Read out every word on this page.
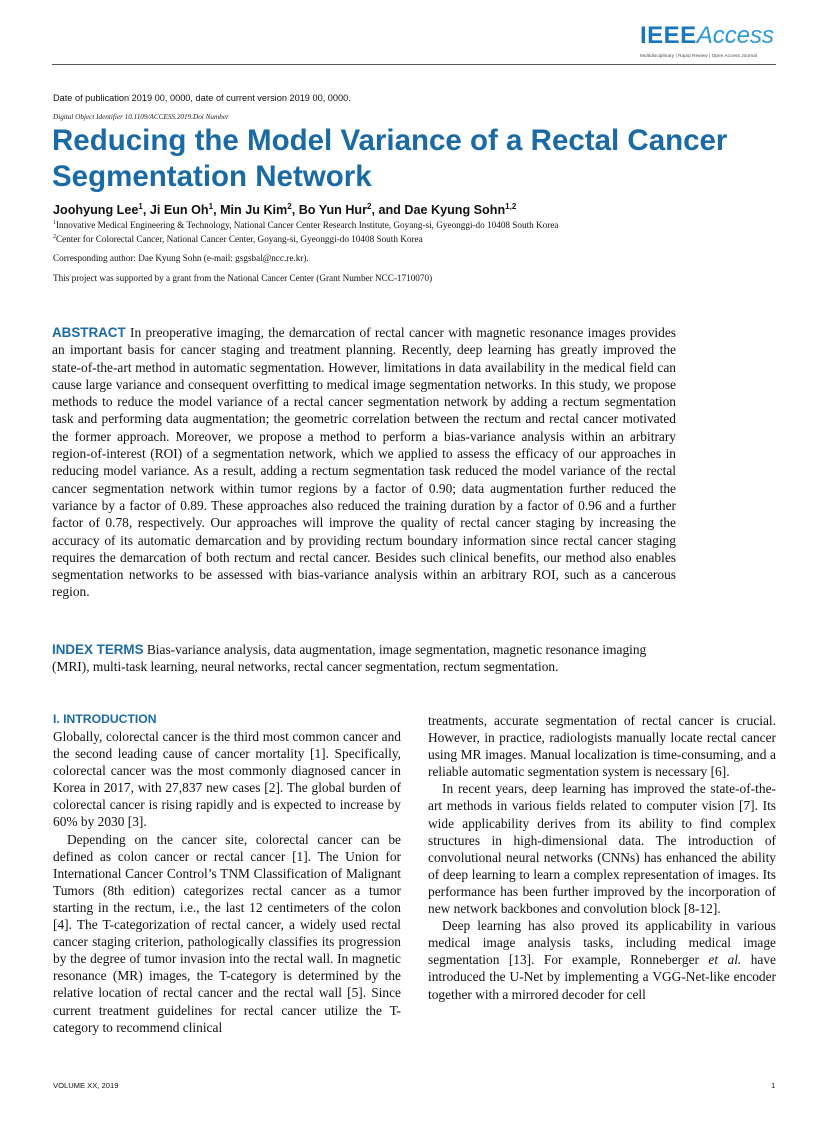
IEEEAccess
Multidisciplinary | Rapid Review | Open Access Journal
Date of publication 2019 00, 0000, date of current version 2019 00, 0000.
Digital Object Identifier 10.1109/ACCESS.2019.Doi Number
Reducing the Model Variance of a Rectal Cancer Segmentation Network
Joohyung Lee$^1$, Ji Eun Oh$^1$, Min Ju Kim$^2$, Bo Yun Hur$^2$, and Dae Kyung Sohn$^{1,2}$
$^1$Innovative Medical Engineering & Technology, National Cancer Center Research Institute, Goyang-si, Gyeonggi-do 10408 South Korea
$^2$Center for Colorectal Cancer, National Cancer Center, Goyang-si, Gyeonggi-do 10408 South Korea
Corresponding author: Dae Kyung Sohn (e-mail: gsgsbal@ncc.re.kr).
This project was supported by a grant from the National Cancer Center (Grant Number NCC-1710070)
ABSTRACT In preoperative imaging, the demarcation of rectal cancer with magnetic resonance images provides an important basis for cancer staging and treatment planning. Recently, deep learning has greatly improved the state-of-the-art method in automatic segmentation. However, limitations in data availability in the medical field can cause large variance and consequent overfitting to medical image segmentation networks. In this study, we propose methods to reduce the model variance of a rectal cancer segmentation network by adding a rectum segmentation task and performing data augmentation; the geometric correlation between the rectum and rectal cancer motivated the former approach. Moreover, we propose a method to perform a bias-variance analysis within an arbitrary region-of-interest (ROI) of a segmentation network, which we applied to assess the efficacy of our approaches in reducing model variance. As a result, adding a rectum segmentation task reduced the model variance of the rectal cancer segmentation network within tumor regions by a factor of 0.90; data augmentation further reduced the variance by a factor of 0.89. These approaches also reduced the training duration by a factor of 0.96 and a further factor of 0.78, respectively. Our approaches will improve the quality of rectal cancer staging by increasing the accuracy of its automatic demarcation and by providing rectum boundary information since rectal cancer staging requires the demarcation of both rectum and rectal cancer. Besides such clinical benefits, our method also enables segmentation networks to be assessed with bias-variance analysis within an arbitrary ROI, such as a cancerous region.
INDEX TERMS Bias-variance analysis, data augmentation, image segmentation, magnetic resonance imaging (MRI), multi-task learning, neural networks, rectal cancer segmentation, rectum segmentation.
I. INTRODUCTION

Globally, colorectal cancer is the third most common cancer and the second leading cause of cancer mortality [1]. Specifically, colorectal cancer was the most commonly diagnosed cancer in Korea in 2017, with 27,837 new cases [2]. The global burden of colorectal cancer is rising rapidly and is expected to increase by 60% by 2030 [3].

Depending on the cancer site, colorectal cancer can be defined as colon cancer or rectal cancer [1]. The Union for International Cancer Control’s TNM Classification of Malignant Tumors (8th edition) categorizes rectal cancer as a tumor starting in the rectum, i.e., the last 12 centimeters of the colon [4]. The T-categorization of rectal cancer, a widely used rectal cancer staging criterion, pathologically classifies its progression by the degree of tumor invasion into the rectal wall. In magnetic resonance (MR) images, the T-category is determined by the relative location of rectal cancer and the rectal wall [5]. Since current treatment guidelines for rectal cancer utilize the T-category to recommend clinical

treatments, accurate segmentation of rectal cancer is crucial. However, in practice, radiologists manually locate rectal cancer using MR images. Manual localization is time-consuming, and a reliable automatic segmentation system is necessary [6].

In recent years, deep learning has improved the state-of-the-art methods in various fields related to computer vision [7]. Its wide applicability derives from its ability to find complex structures in high-dimensional data. The introduction of convolutional neural networks (CNNs) has enhanced the ability of deep learning to learn a complex representation of images. Its performance has been further improved by the incorporation of new network backbones and convolution block [8-12].

Deep learning has also proved its applicability in various medical image analysis tasks, including medical image segmentation [13]. For example, Ronneberger et al. have introduced the U-Net by implementing a VGG-Net-like encoder together with a mirrored decoder for cell

VOLUME XX, 2019	1
